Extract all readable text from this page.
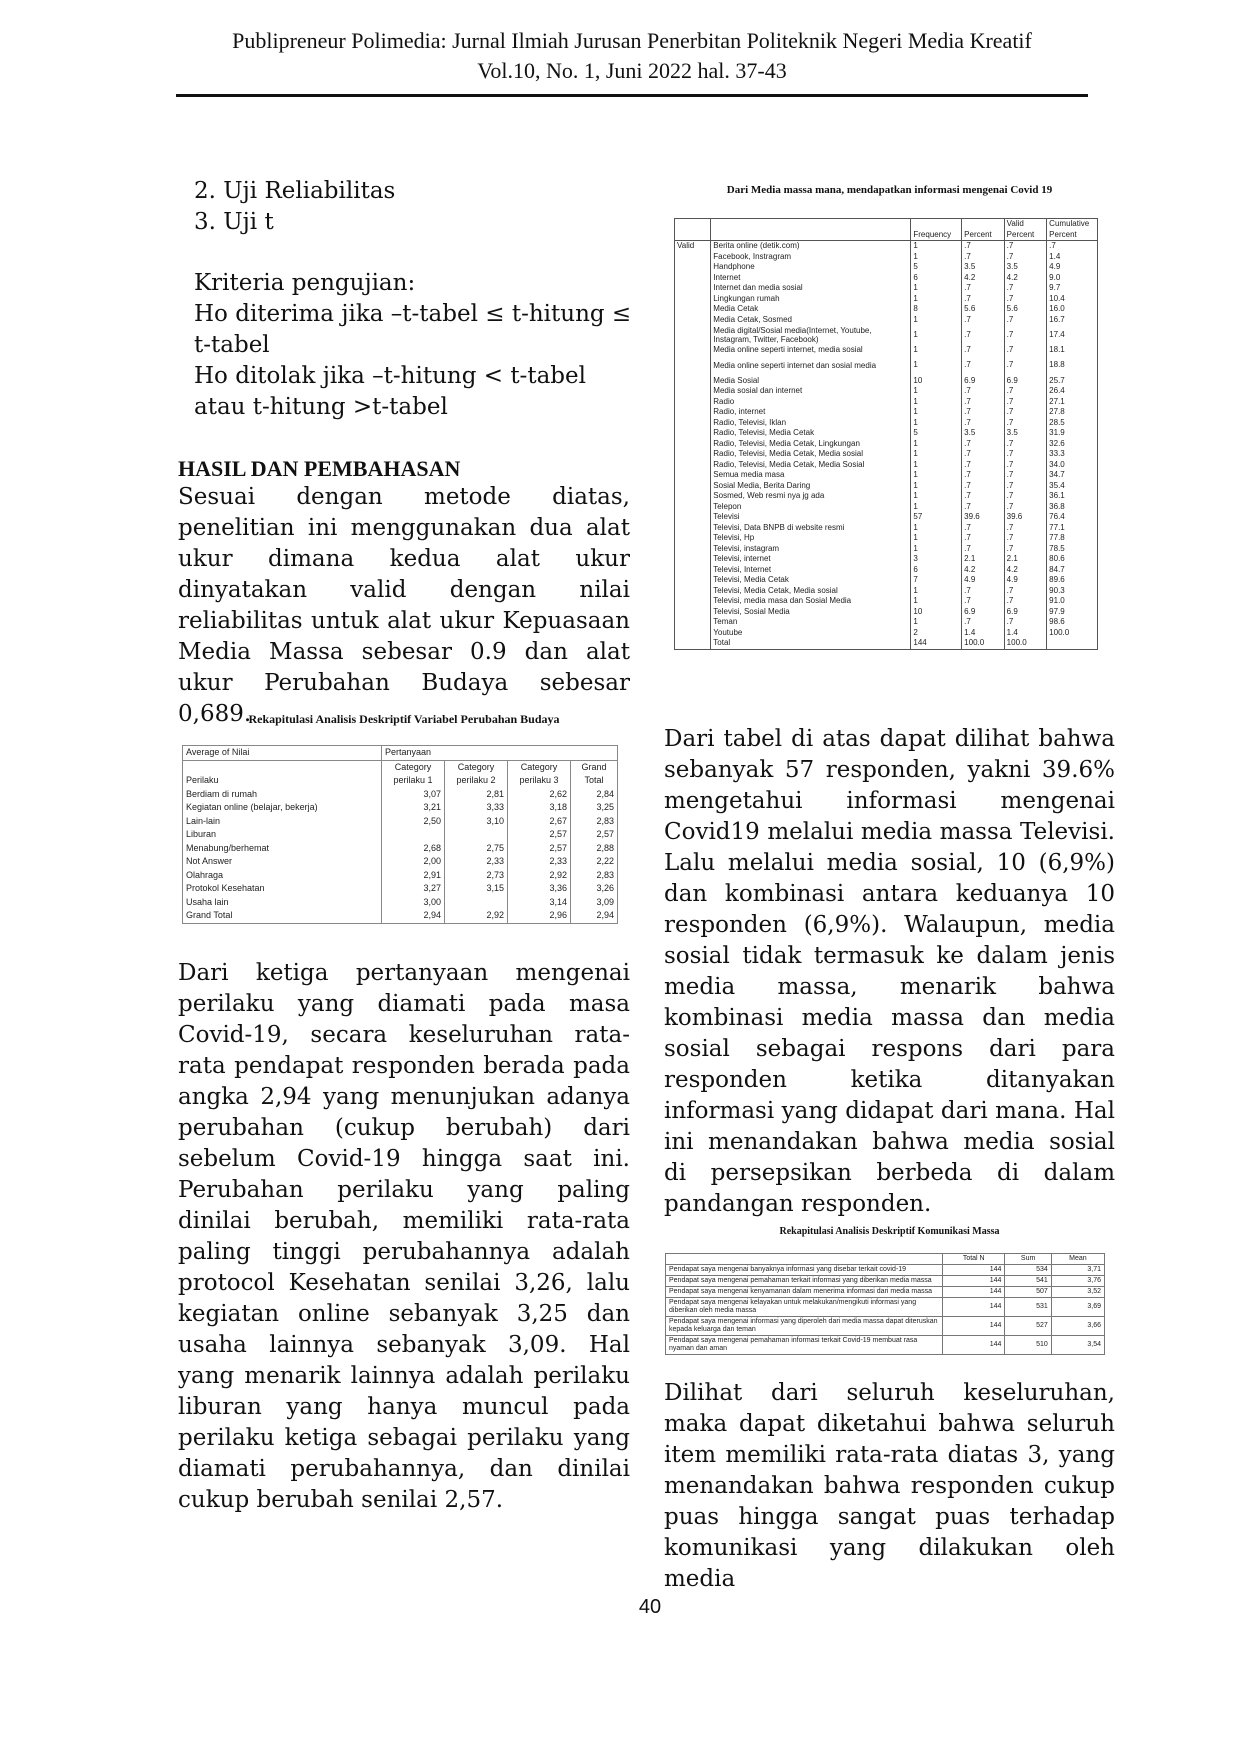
Publipreneur Polimedia: Jurnal Ilmiah Jurusan Penerbitan Politeknik Negeri Media Kreatif
Vol.10, No. 1, Juni 2022 hal. 37-43
2. Uji Reliabilitas
3. Uji t
Kriteria pengujian:
Ho diterima jika –t-tabel ≤ t-hitung ≤ t-tabel
Ho ditolak jika –t-hitung < t-tabel atau t-hitung >t-tabel
HASIL DAN PEMBAHASAN

Sesuai dengan metode diatas, penelitian ini menggunakan dua alat ukur dimana kedua alat ukur dinyatakan valid dengan nilai reliabilitas untuk alat ukur Kepuasaan Media Massa sebesar 0.9 dan alat ukur Perubahan Budaya sebesar 0,689.

Rekapitulasi Analisis Deskriptif Variabel Perubahan Budaya
Average of Nilai	Pertanyaan			
Perilaku	Category perilaku 1	Category perilaku 2	Category perilaku 3	Grand Total
Berdiam di rumah	3,07	2,81	2,62	2,84
Kegiatan online (belajar, bekerja)	3,21	3,33	3,18	3,25
Lain-lain	2,50	3,10	2,67	2,83
Liburan			2,57	2,57
Menabung/berhemat	2,68	2,75	2,57	2,88
Not Answer	2,00	2,33	2,33	2,22
Olahraga	2,91	2,73	2,92	2,83
Protokol Kesehatan	3,27	3,15	3,36	3,26
Usaha lain	3,00		3,14	3,09
Grand Total	2,94	2,92	2,96	2,94

Dari ketiga pertanyaan mengenai perilaku yang diamati pada masa Covid-19, secara keseluruhan rata-rata pendapat responden berada pada angka 2,94 yang menunjukan adanya perubahan (cukup berubah) dari sebelum Covid-19 hingga saat ini. Perubahan perilaku yang paling dinilai berubah, memiliki rata-rata paling tinggi perubahannya adalah protocol Kesehatan senilai 3,26, lalu kegiatan online sebanyak 3,25 dan usaha lainnya sebanyak 3,09. Hal yang menarik lainnya adalah perilaku liburan yang hanya muncul pada perilaku ketiga sebagai perilaku yang diamati perubahannya, dan dinilai cukup berubah senilai 2,57.

Dari Media massa mana, mendapatkan informasi mengenai Covid 19
		Frequency	Percent	Valid Percent	Cumulative Percent
Valid	Berita online (detik.com)	1	.7	.7	.7
	Facebook, Instragram	1	.7	.7	1.4
	Handphone	5	3.5	3.5	4.9
	Internet	6	4.2	4.2	9.0
	Internet dan media sosial	1	.7	.7	9.7
	Lingkungan rumah	1	.7	.7	10.4
	Media Cetak	8	5.6	5.6	16.0
	Media Cetak, Sosmed	1	.7	.7	16.7
	Media digital/Sosial media(Internet, Youtube, Instagram, Twitter, Facebook)	1	.7	.7	17.4
	Media online seperti internet, media sosial	1	.7	.7	18.1
	Media online seperti internet dan sosial media	1	.7	.7	18.8
	Media Sosial	10	6.9	6.9	25.7
	Media sosial dan internet	1	.7	.7	26.4
	Radio	1	.7	.7	27.1
	Radio, internet	1	.7	.7	27.8
	Radio, Televisi, Iklan	1	.7	.7	28.5
	Radio, Televisi, Media Cetak	5	3.5	3.5	31.9
	Radio, Televisi, Media Cetak, Lingkungan	1	.7	.7	32.6
	Radio, Televisi, Media Cetak, Media sosial	1	.7	.7	33.3
	Radio, Televisi, Media Cetak, Media Sosial	1	.7	.7	34.0
	Semua media masa	1	.7	.7	34.7
	Sosial Media, Berita Daring	1	.7	.7	35.4
	Sosmed, Web resmi nya jg ada	1	.7	.7	36.1
	Telepon	1	.7	.7	36.8
	Televisi	57	39.6	39.6	76.4
	Televisi, Data BNPB di website resmi	1	.7	.7	77.1
	Televisi, Hp	1	.7	.7	77.8
	Televisi, instagram	1	.7	.7	78.5
	Televisi, internet	3	2.1	2.1	80.6
	Televisi, Internet	6	4.2	4.2	84.7
	Televisi, Media Cetak	7	4.9	4.9	89.6
	Televisi, Media Cetak, Media sosial	1	.7	.7	90.3
	Televisi, media masa dan Sosial Media	1	.7	.7	91.0
	Televisi, Sosial Media	10	6.9	6.9	97.9
	Teman	1	.7	.7	98.6
	Youtube	2	1.4	1.4	100.0
	Total	144	100.0	100.0	

Dari tabel di atas dapat dilihat bahwa sebanyak 57 responden, yakni 39.6% mengetahui informasi mengenai Covid19 melalui media massa Televisi. Lalu melalui media sosial, 10 (6,9%) dan kombinasi antara keduanya 10 responden (6,9%). Walaupun, media sosial tidak termasuk ke dalam jenis media massa, menarik bahwa kombinasi media massa dan media sosial sebagai respons dari para responden ketika ditanyakan informasi yang didapat dari mana. Hal ini menandakan bahwa media sosial di persepsikan berbeda di dalam pandangan responden.

Rekapitulasi Analisis Deskriptif Komunikasi Massa
	Total N	Sum	Mean
Pendapat saya mengenai banyaknya informasi yang disebar terkait covid-19	144	534	3,71
Pendapat saya mengenai pemahaman terkait informasi yang diberikan media massa	144	541	3,76
Pendapat saya mengenai kenyamanan dalam menerima informasi dari media massa	144	507	3,52
Pendapat saya mengenai kelayakan untuk melakukan/mengikuti informasi yang diberikan oleh media massa	144	531	3,69
Pendapat saya mengenai informasi yang diperoleh dari media massa dapat diteruskan kepada keluarga dan teman	144	527	3,66
Pendapat saya mengenai pemahaman informasi terkait Covid-19 membuat rasa nyaman dan aman	144	510	3,54

Dilihat dari seluruh keseluruhan, maka dapat diketahui bahwa seluruh item memiliki rata-rata diatas 3, yang menandakan bahwa responden cukup puas hingga sangat puas terhadap komunikasi yang dilakukan oleh media

40
